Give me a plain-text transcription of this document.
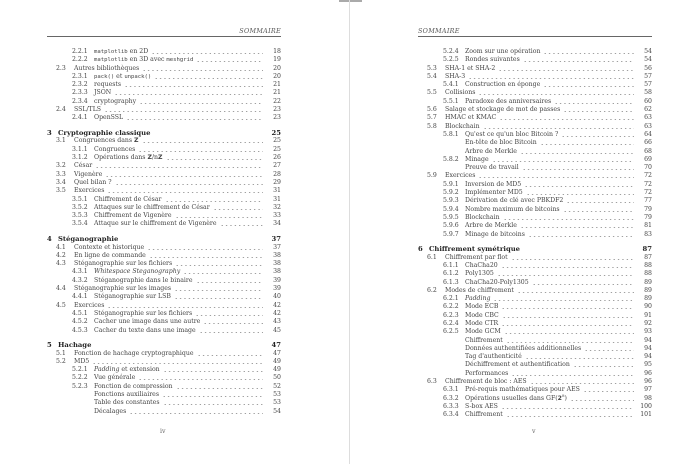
SOMMAIRE
2.2.1 matplotlib en 2D	18
2.2.2 matplotlib en 3D avec meshgrid	19
2.3 Autres bibliothèques	20
2.3.1 pack() et unpack()	20
2.3.2 requests	21
2.3.3 JSON	21
2.3.4 cryptography	22
2.4 SSL/TLS	23
2.4.1 OpenSSL	23
3 Cryptographie classique	25
3.1 Congruences dans Z	25
3.1.1 Congruences	25
3.1.2 Opérations dans Z/nZ	26
3.2 César	27
3.3 Vigenère	28
3.4 Quel bilan ?	29
3.5 Exercices	31
3.5.1 Chiffrement de César	31
3.5.2 Attaques sur le chiffrement de César	32
3.5.3 Chiffrement de Vigenère	33
3.5.4 Attaque sur le chiffrement de Vigenère	34
4 Stéganographie	37
4.1 Contexte et historique	37
4.2 En ligne de commande	38
4.3 Stéganographie sur les fichiers	38
4.3.1 Whitespace Steganography	38
4.3.2 Stéganographie dans le binaire	39
4.4 Stéganographie sur les images	39
4.4.1 Stéganographie sur LSB	40
4.5 Exercices	42
4.5.1 Stéganographie sur les fichiers	42
4.5.2 Cacher une image dans une autre	43
4.5.3 Cacher du texte dans une image	45
5 Hachage	47
5.1 Fonction de hachage cryptographique	47
5.2 MD5	49
5.2.1 Padding et extension	49
5.2.2 Vue générale	50
5.2.3 Fonction de compression	52
Fonctions auxiliaires	53
Table des constantes	53
Décalages	54
iv
SOMMAIRE
5.2.4 Zoom sur une opération	54
5.2.5 Rondes suivantes	54
5.3 SHA-1 et SHA-2	56
5.4 SHA-3	57
5.4.1 Construction en éponge	57
5.5 Collisions	58
5.5.1 Paradoxe des anniversaires	60
5.6 Salage et stockage de mot de passes	62
5.7 HMAC et KMAC	63
5.8 Blockchain	63
5.8.1 Qu'est ce qu'un bloc Bitcoin ?	64
En-tête de bloc Bitcoin	66
Arbre de Merkle	68
5.8.2 Minage	69
Preuve de travail	70
5.9 Exercices	72
5.9.1 Inversion de MD5	72
5.9.2 Implémenter MD5	72
5.9.3 Dérivation de clé avec PBKDF2	77
5.9.4 Nombre maximum de bitcoins	79
5.9.5 Blockchain	79
5.9.6 Arbre de Merkle	81
5.9.7 Minage de bitcoins	83
6 Chiffrement symétrique	87
6.1 Chiffrement par flot	87
6.1.1 ChaCha20	88
6.1.2 Poly1305	88
6.1.3 ChaCha20-Poly1305	89
6.2 Modes de chiffrement	89
6.2.1 Padding	89
6.2.2 Mode ECB	90
6.2.3 Mode CBC	91
6.2.4 Mode CTR	92
6.2.5 Mode GCM	93
Chiffrement	94
Données authentifiées additionnelles	94
Tag d'authenticité	94
Déchiffrement et authentification	95
Performances	96
6.3 Chiffrement de bloc : AES	96
6.3.1 Pré-requis mathématiques pour AES	97
6.3.2 Opérations usuelles dans $GF(2^8)$	98
6.3.3 S-box AES	100
6.3.4 Chiffrement	101
v
